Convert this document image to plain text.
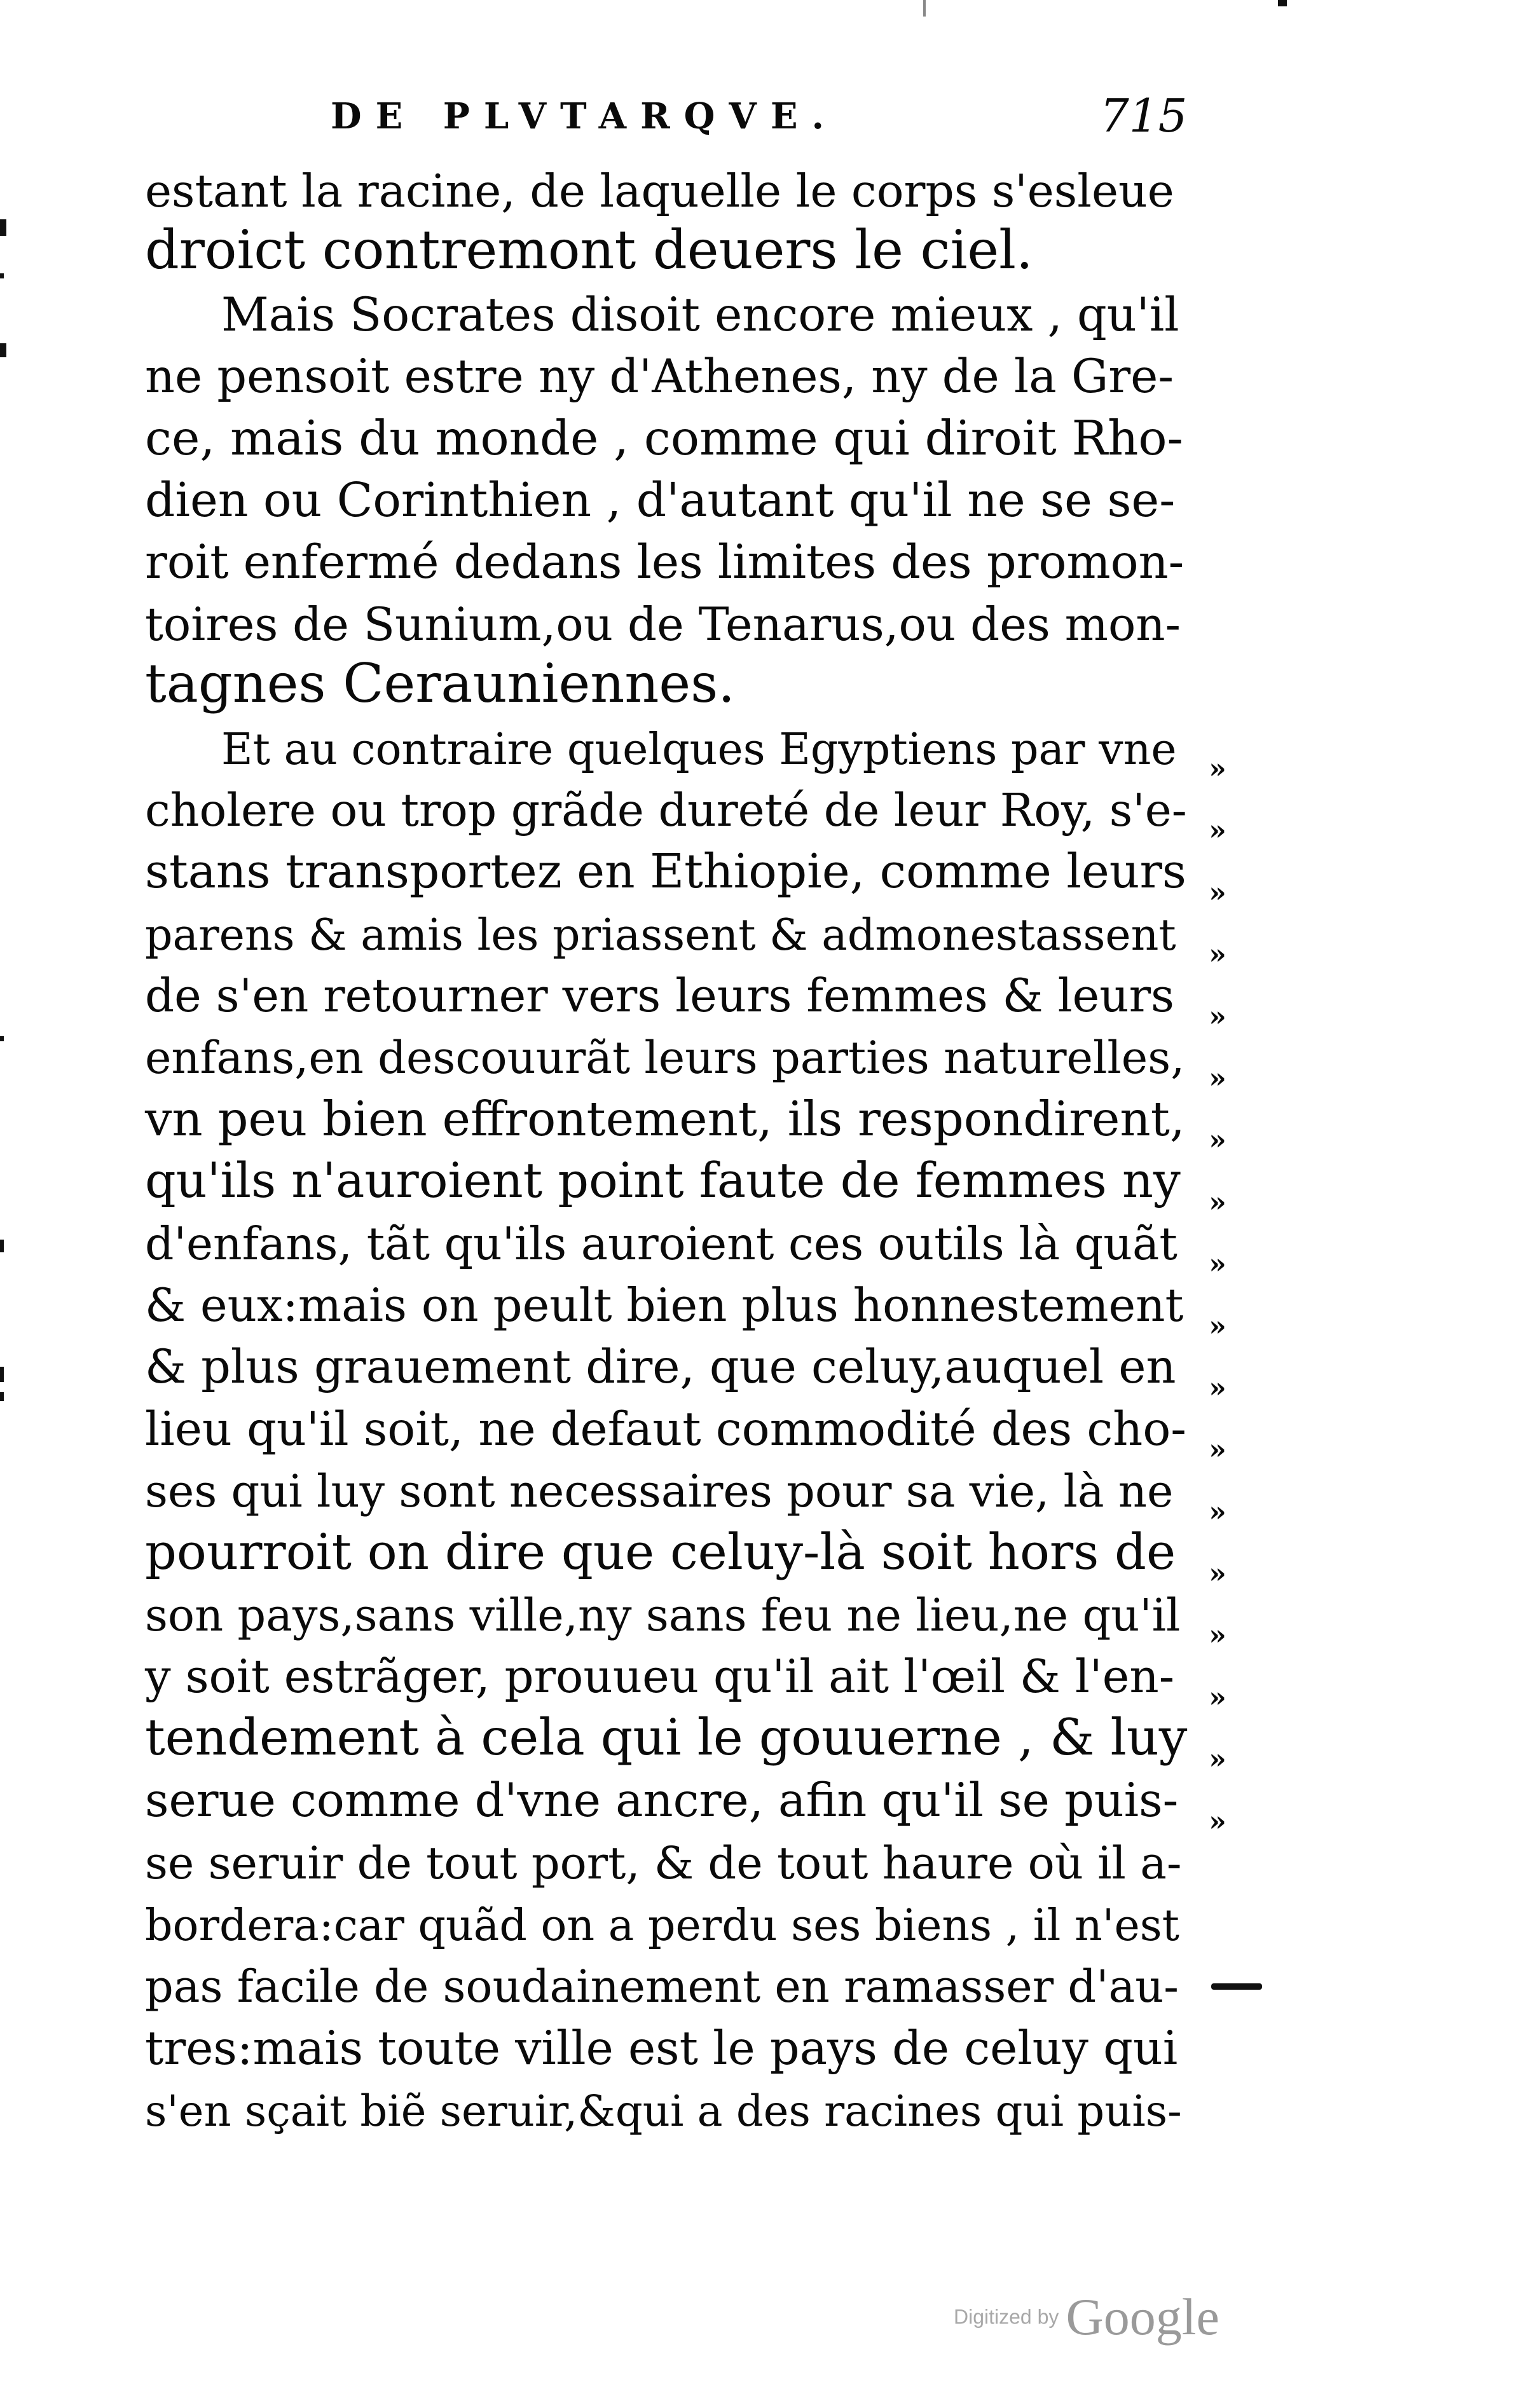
DE PLVTARQVE.	715
estant la racine, de laquelle le corps s'esleue
droict contremont deuers le ciel.
Mais Socrates disoit encore mieux , qu'il
ne pensoit estre ny d'Athenes, ny de la Gre-
ce, mais du monde , comme qui diroit Rho-
dien ou Corinthien , d'autant qu'il ne se se-
roit enfermé dedans les limites des promon-
toires de Sunium,ou de Tenarus,ou des mon-
tagnes Cerauniennes.
Et au contraire quelques Egyptiens par vne
cholere ou trop grãde dureté de leur Roy, s'e-
stans transportez en Ethiopie, comme leurs
parens & amis les priassent & admonestassent
de s'en retourner vers leurs femmes & leurs
enfans,en descouurãt leurs parties naturelles,
vn peu bien effrontement, ils respondirent,
qu'ils n'auroient point faute de femmes ny
d'enfans, tãt qu'ils auroient ces outils là quãt
& eux:mais on peult bien plus honnestement
& plus grauement dire, que celuy,auquel en
lieu qu'il soit, ne defaut commodité des cho-
ses qui luy sont necessaires pour sa vie, là ne
pourroit on dire que celuy-là soit hors de
son pays,sans ville,ny sans feu ne lieu,ne qu'il
y soit estrãger, prouueu qu'il ait l'œil & l'en-
tendement à cela qui le gouuerne , & luy
serue comme d'vne ancre, afin qu'il se puis-
se seruir de tout port, & de tout haure où il a-
bordera:car quãd on a perdu ses biens , il n'est
pas facile de soudainement en ramasser d'au-
tres:mais toute ville est le pays de celuy qui
s'en sçait biẽ seruir,&qui a des racines qui puis-
»
»
»
»
»
»
»
»
»
»
»
»
»
»
»
»
»
»
Digitized by Google
